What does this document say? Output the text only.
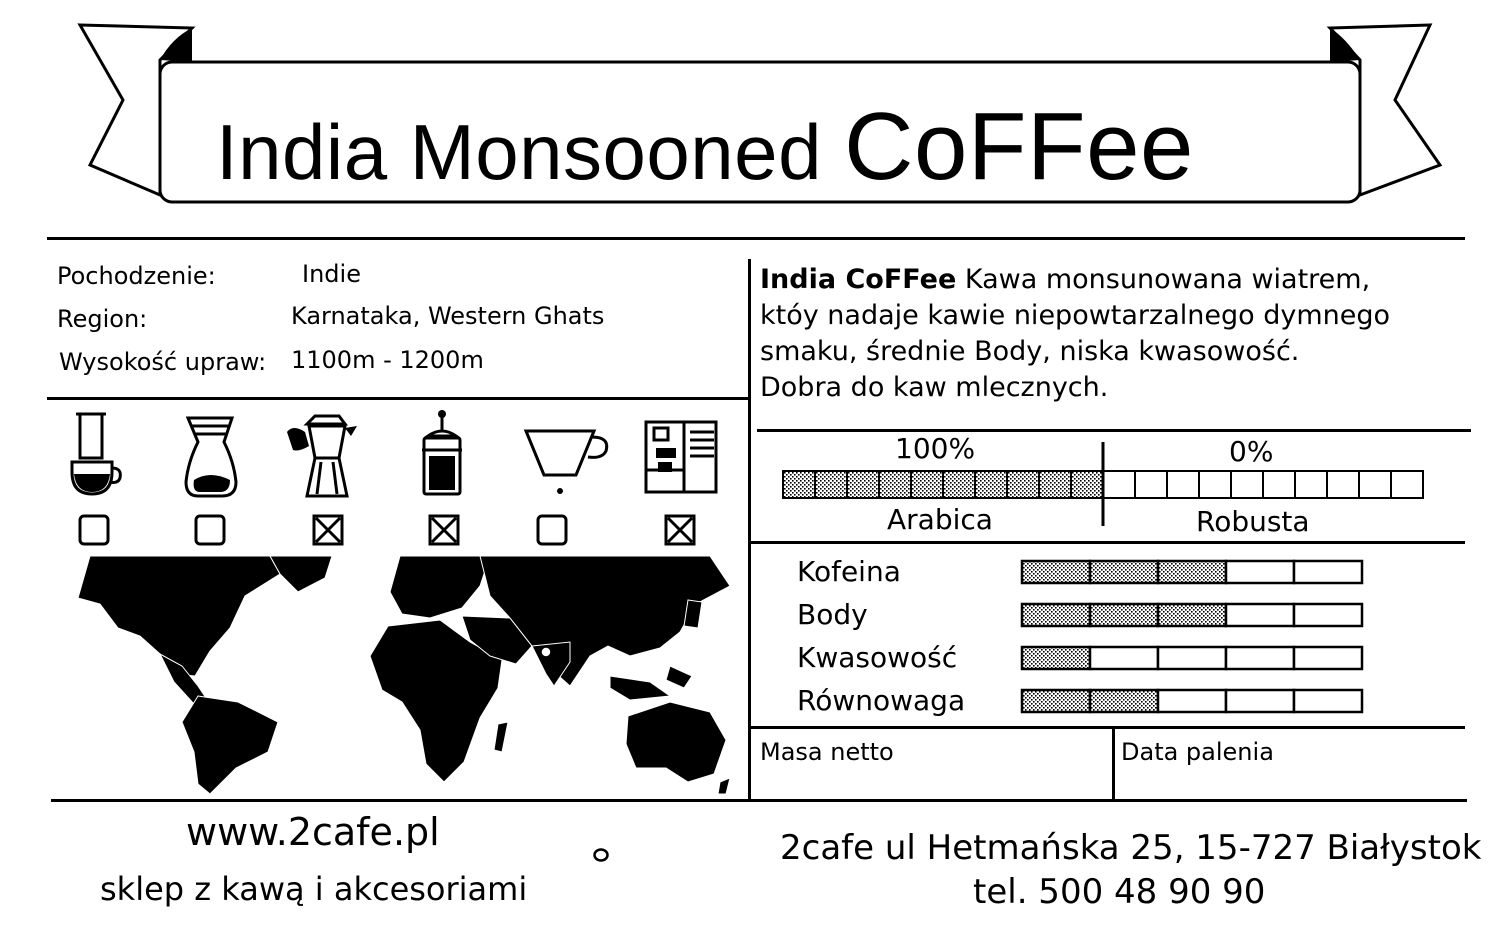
India Monsooned CoFFee
Pochodzenie:	Indie
Region:	Karnataka, Western Ghats
Wysokość upraw: 1100m - 1200m
India CoFFee Kawa monsunowana wiatrem,
któy nadaje kawie niepowtarzalnego dymnego
smaku, średnie Body, niska kwasowość.
Dobra do kaw mlecznych.
100%	0%
Arabica	Robusta
Kofeina
Body
Kwasowość
Równowaga
Masa netto	Data palenia
www.2cafe.pl
sklep z kawą i akcesoriami
2cafe ul Hetmańska 25, 15-727 Białystok
tel. 500 48 90 90
